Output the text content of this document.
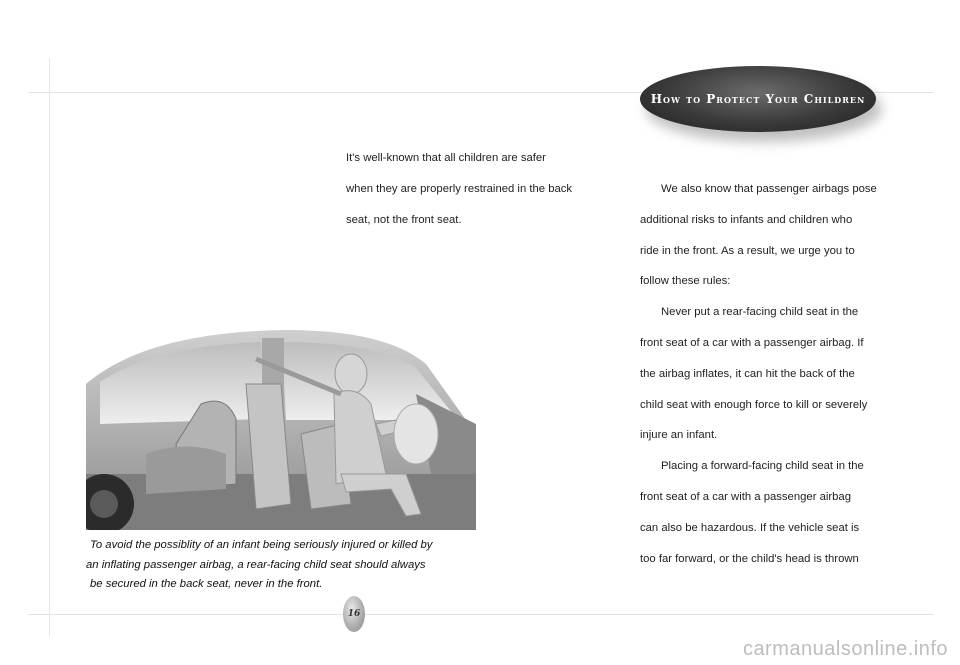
How to Protect Your Children

It's well-known that all children are safer

when they are properly restrained in the back

seat, not the front seat.

We also know that passenger airbags pose

additional risks to infants and children who

ride in the front. As a result, we urge you to

follow these rules:

Never put a rear-facing child seat in the

front seat of a car with a passenger airbag. If

the airbag inflates, it can hit the back of the

child seat with enough force to kill or severely

injure an infant.

Placing a forward-facing child seat in the

front seat of a car with a passenger airbag

can also be hazardous. If the vehicle seat is

too far forward, or the child's head is thrown

To avoid the possiblity of an infant being seriously injured or killed by

an inflating passenger airbag, a rear-facing child seat should always

be secured in the back seat, never in the front.

16
carmanualsonline.info
